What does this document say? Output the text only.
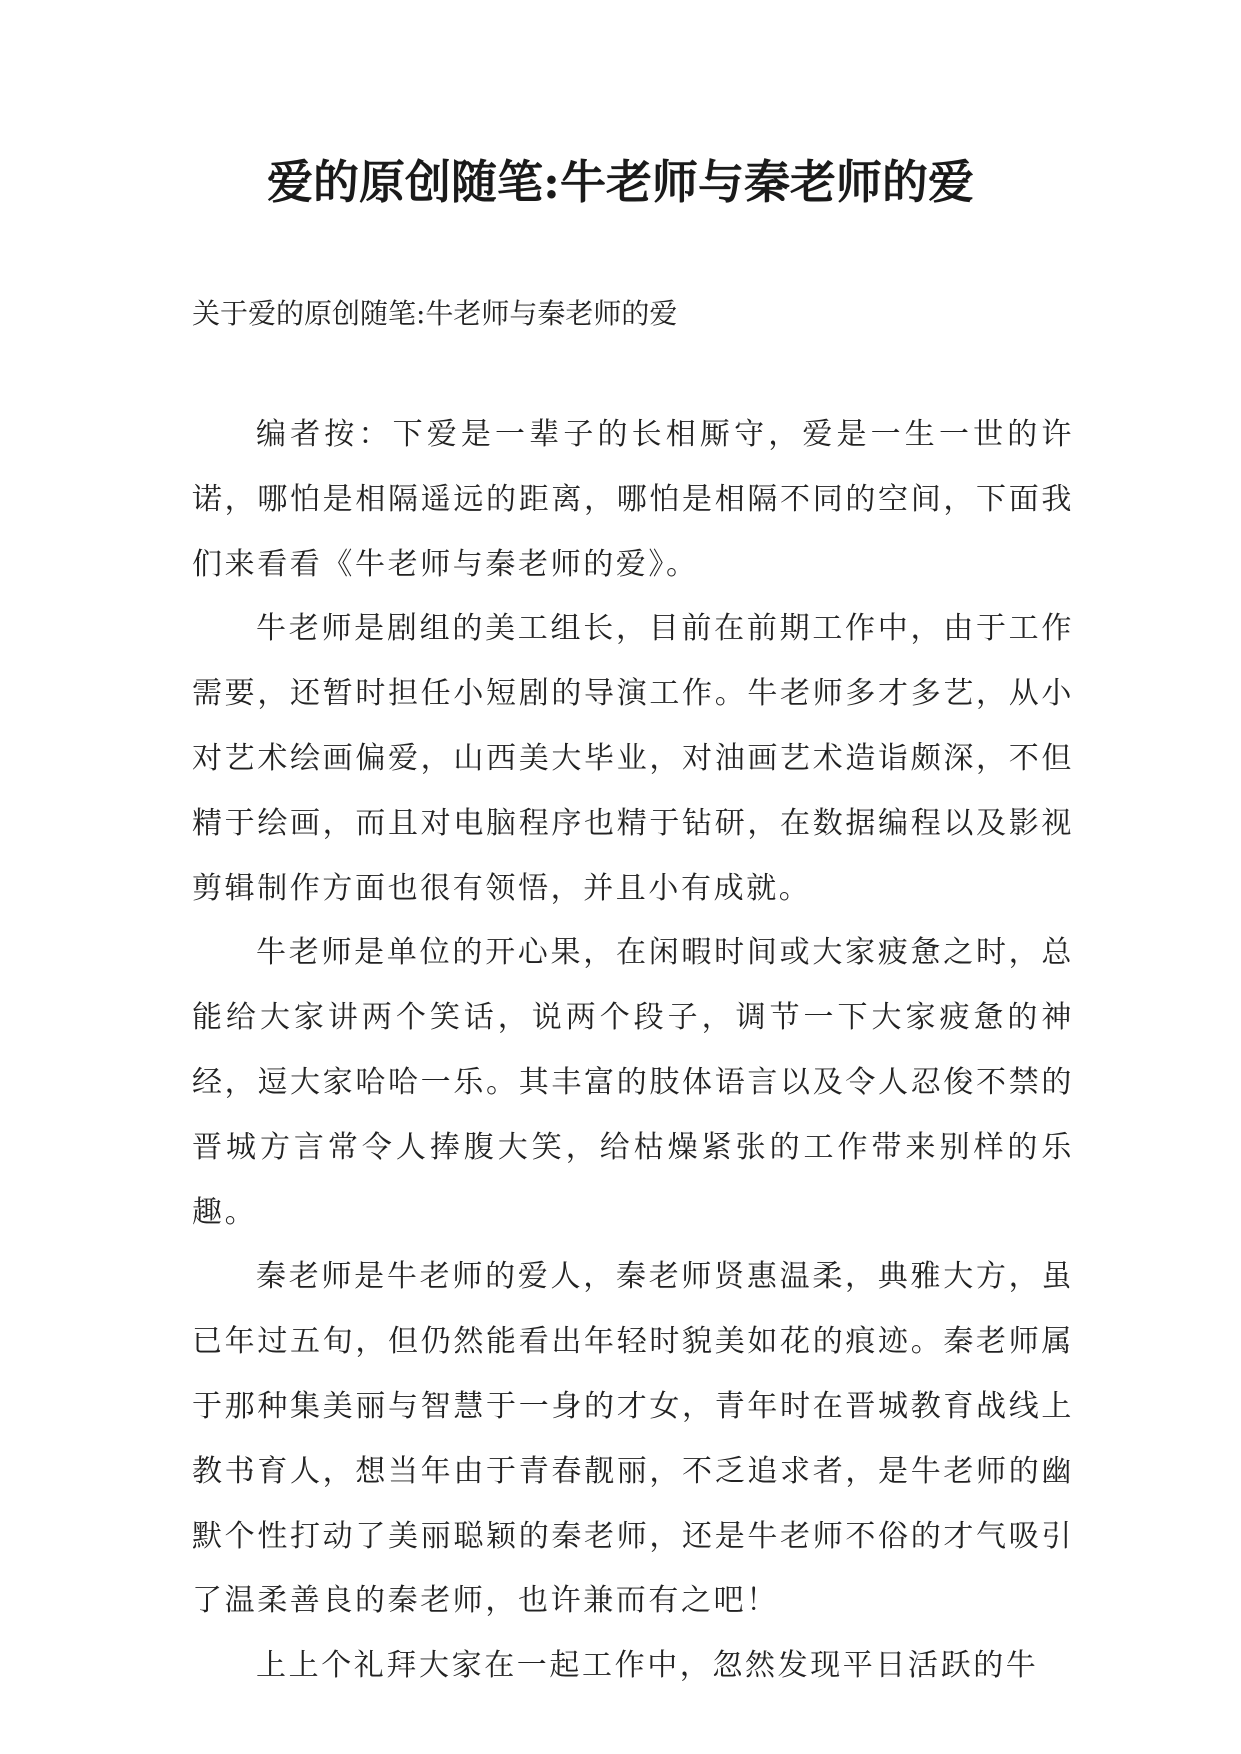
爱的原创随笔:牛老师与秦老师的爱

关于爱的原创随笔:牛老师与秦老师的爱

编者按：下爱是一辈子的长相厮守，爱是一生一世的许诺，哪怕是相隔遥远的距离，哪怕是相隔不同的空间，下面我们来看看《牛老师与秦老师的爱》。

牛老师是剧组的美工组长，目前在前期工作中，由于工作需要，还暂时担任小短剧的导演工作。牛老师多才多艺，从小对艺术绘画偏爱，山西美大毕业，对油画艺术造诣颇深，不但精于绘画，而且对电脑程序也精于钻研，在数据编程以及影视剪辑制作方面也很有领悟，并且小有成就。

牛老师是单位的开心果，在闲暇时间或大家疲惫之时，总能给大家讲两个笑话，说两个段子，调节一下大家疲惫的神经，逗大家哈哈一乐。其丰富的肢体语言以及令人忍俊不禁的晋城方言常令人捧腹大笑，给枯燥紧张的工作带来别样的乐趣。

秦老师是牛老师的爱人，秦老师贤惠温柔，典雅大方，虽已年过五旬，但仍然能看出年轻时貌美如花的痕迹。秦老师属于那种集美丽与智慧于一身的才女，青年时在晋城教育战线上教书育人，想当年由于青春靓丽，不乏追求者，是牛老师的幽默个性打动了美丽聪颖的秦老师，还是牛老师不俗的才气吸引了温柔善良的秦老师，也许兼而有之吧！

上上个礼拜大家在一起工作中，忽然发现平日活跃的牛
